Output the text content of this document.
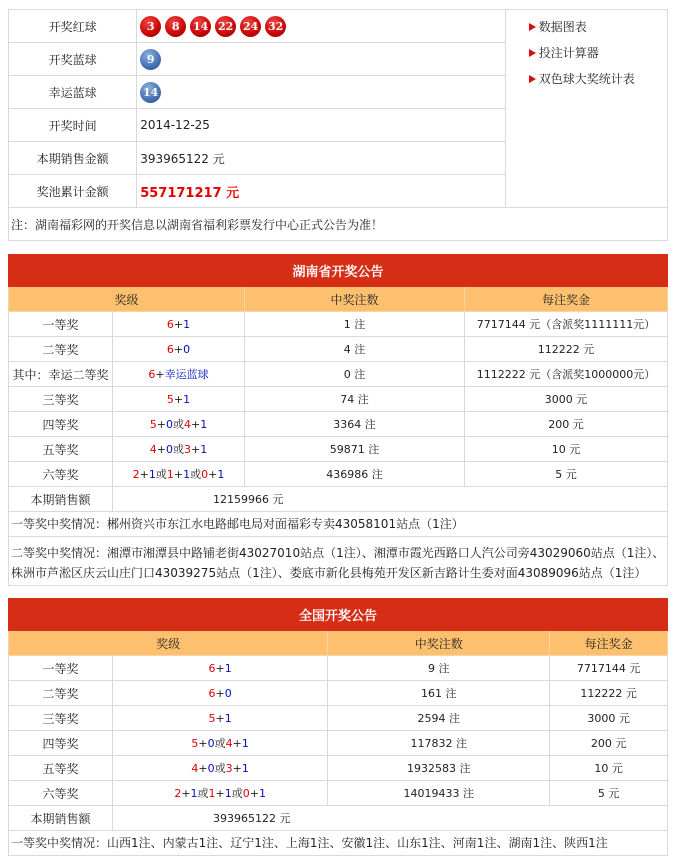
开奖红球	3 8 14 22 24 32	数据图表
投注计算器
双色球大奖统计表

开奖蓝球	9	
幸运蓝球	14	
开奖时间	2014-12-25	
本期销售金额	393965122 元	
奖池累计金额	557171217 元	
注：湖南福彩网的开奖信息以湖南省福利彩票发行中心正式公告为准！		
湖南省开奖公告			
奖级		中奖注数	每注奖金
一等奖	6+1	1 注	7717144 元（含派奖1111111元）
二等奖	6+0	4 注	112222 元
其中：幸运二等奖	6+幸运蓝球	0 注	1112222 元（含派奖1000000元）
三等奖	5+1	74 注	3000 元
四等奖	5+0或4+1	3364 注	200 元
五等奖	4+0或3+1	59871 注	10 元
六等奖	2+1或1+1或0+1	436986 注	5 元
本期销售额	12159966 元		
一等奖中奖情况：郴州资兴市东江水电路邮电局对面福彩专卖43058101站点（1注）			
二等奖中奖情况：湘潭市湘潭县中路铺老街43027010站点（1注）、湘潭市霞光西路口人汽公司旁43029060站点（1注）、株洲市芦淞区庆云山庄门口43039275站点（1注）、娄底市新化县梅苑开发区新吉路计生委对面43089096站点（1注）			
全国开奖公告			
奖级		中奖注数	每注奖金
一等奖	6+1	9 注	7717144 元
二等奖	6+0	161 注	112222 元
三等奖	5+1	2594 注	3000 元
四等奖	5+0或4+1	117832 注	200 元
五等奖	4+0或3+1	1932583 注	10 元
六等奖	2+1或1+1或0+1	14019433 注	5 元
本期销售额	393965122 元		
一等奖中奖情况：山西1注、内蒙古1注、辽宁1注、上海1注、安徽1注、山东1注、河南1注、湖南1注、陕西1注			
